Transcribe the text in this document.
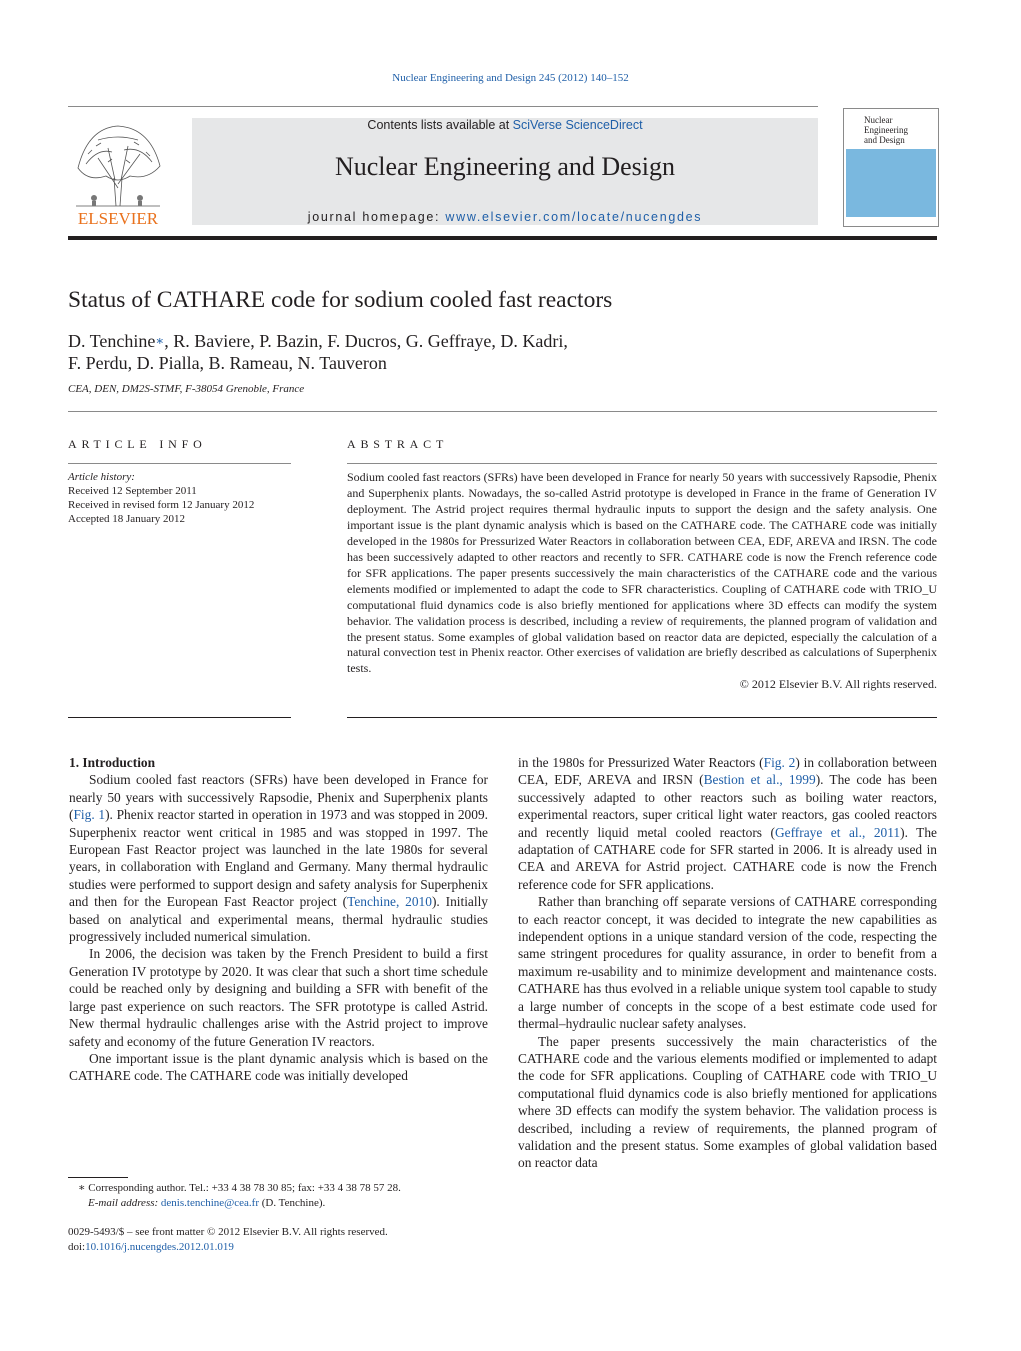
Nuclear Engineering and Design 245 (2012) 140–152
ELSEVIER
Contents lists available at SciVerse ScienceDirect
Nuclear Engineering and Design
journal homepage: www.elsevier.com/locate/nucengdes
Nuclear Engineering
and Design
Status of CATHARE code for sodium cooled fast reactors
D. Tenchine∗, R. Baviere, P. Bazin, F. Ducros, G. Geffraye, D. Kadri,
F. Perdu, D. Pialla, B. Rameau, N. Tauveron
CEA, DEN, DM2S-STMF, F-38054 Grenoble, France
ARTICLE INFO	ABSTRACT
Article history:
Received 12 September 2011
Received in revised form 12 January 2012
Accepted 18 January 2012
Sodium cooled fast reactors (SFRs) have been developed in France for nearly 50 years with successively Rapsodie, Phenix and Superphenix plants. Nowadays, the so-called Astrid prototype is developed in France in the frame of Generation IV deployment. The Astrid project requires thermal hydraulic inputs to support the design and the safety analysis. One important issue is the plant dynamic analysis which is based on the CATHARE code. The CATHARE code was initially developed in the 1980s for Pressurized Water Reactors in collaboration between CEA, EDF, AREVA and IRSN. The code has been successively adapted to other reactors and recently to SFR. CATHARE code is now the French reference code for SFR applications. The paper presents successively the main characteristics of the CATHARE code and the various elements modified or implemented to adapt the code to SFR characteristics. Coupling of CATHARE code with TRIO_U computational fluid dynamics code is also briefly mentioned for applications where 3D effects can modify the system behavior. The validation process is described, including a review of requirements, the planned program of validation and the present status. Some examples of global validation based on reactor data are depicted, especially the calculation of a natural convection test in Phenix reactor. Other exercises of validation are briefly described as calculations of Superphenix tests.
© 2012 Elsevier B.V. All rights reserved.

1. Introduction

Sodium cooled fast reactors (SFRs) have been developed in France for nearly 50 years with successively Rapsodie, Phenix and Superphenix plants (Fig. 1). Phenix reactor started in operation in 1973 and was stopped in 2009. Superphenix reactor went critical in 1985 and was stopped in 1997. The European Fast Reactor project was launched in the late 1980s for several years, in collaboration with England and Germany. Many thermal hydraulic studies were performed to support design and safety analysis for Superphenix and then for the European Fast Reactor project (Tenchine, 2010). Initially based on analytical and experimental means, thermal hydraulic studies progressively included numerical simulation.

In 2006, the decision was taken by the French President to build a first Generation IV prototype by 2020. It was clear that such a short time schedule could be reached only by designing and building a SFR with benefit of the large past experience on such reactors. The SFR prototype is called Astrid. New thermal hydraulic challenges arise with the Astrid project to improve safety and economy of the future Generation IV reactors.

One important issue is the plant dynamic analysis which is based on the CATHARE code. The CATHARE code was initially developed

in the 1980s for Pressurized Water Reactors (Fig. 2) in collaboration between CEA, EDF, AREVA and IRSN (Bestion et al., 1999). The code has been successively adapted to other reactors such as boiling water reactors, experimental reactors, super critical light water reactors, gas cooled reactors and recently liquid metal cooled reactors (Geffraye et al., 2011). The adaptation of CATHARE code for SFR started in 2006. It is already used in CEA and AREVA for Astrid project. CATHARE code is now the French reference code for SFR applications.

Rather than branching off separate versions of CATHARE corresponding to each reactor concept, it was decided to integrate the new capabilities as independent options in a unique standard version of the code, respecting the same stringent procedures for quality assurance, in order to benefit from a maximum re-usability and to minimize development and maintenance costs. CATHARE has thus evolved in a reliable unique system tool capable to study a large number of concepts in the scope of a best estimate code used for thermal–hydraulic nuclear safety analyses.

The paper presents successively the main characteristics of the CATHARE code and the various elements modified or implemented to adapt the code for SFR applications. Coupling of CATHARE code with TRIO_U computational fluid dynamics code is also briefly mentioned for applications where 3D effects can modify the system behavior. The validation process is described, including a review of requirements, the planned program of validation and the present status. Some examples of global validation based on reactor data

∗ Corresponding author. Tel.: +33 4 38 78 30 85; fax: +33 4 38 78 57 28.
E-mail address: denis.tenchine@cea.fr (D. Tenchine).
0029-5493/$ – see front matter © 2012 Elsevier B.V. All rights reserved.
doi:10.1016/j.nucengdes.2012.01.019
